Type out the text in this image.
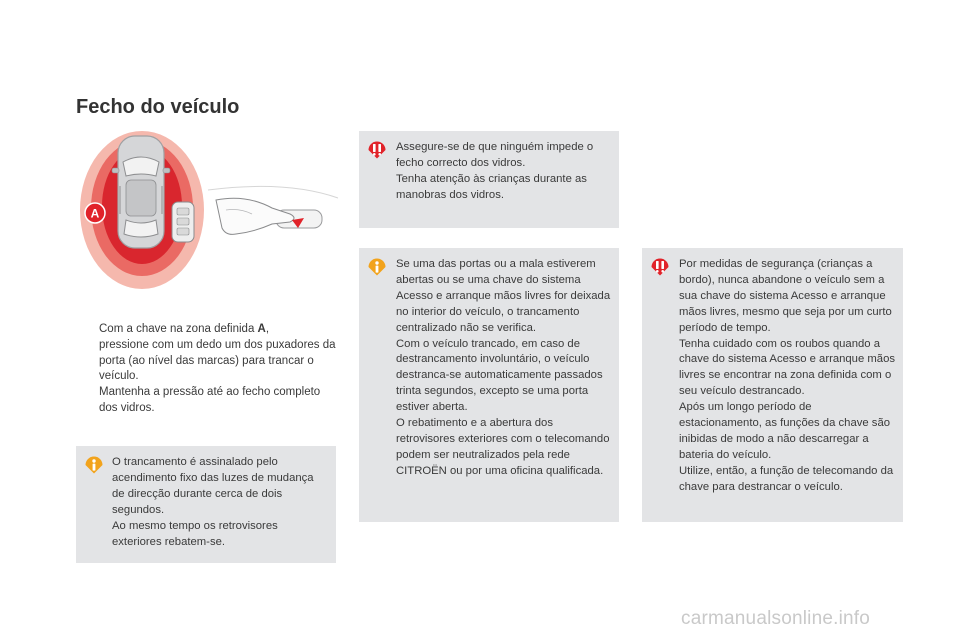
Fecho do veículo
A

Com a chave na zona definida A,

pressione com um dedo um dos puxadores da porta (ao nível das marcas) para trancar o veículo.

Mantenha a pressão até ao fecho completo dos vidros.

O trancamento é assinalado pelo acendimento fixo das luzes de mudança de direcção durante cerca de dois segundos.

Ao mesmo tempo os retrovisores exteriores rebatem-se.

Assegure-se de que ninguém impede o fecho correcto dos vidros.

Tenha atenção às crianças durante as manobras dos vidros.

Se uma das portas ou a mala estiverem abertas ou se uma chave do sistema Acesso e arranque mãos livres for deixada no interior do veículo, o trancamento centralizado não se verifica.

Com o veículo trancado, em caso de destrancamento involuntário, o veículo destranca-se automaticamente passados trinta segundos, excepto se uma porta estiver aberta.

O rebatimento e a abertura dos retrovisores exteriores com o telecomando podem ser neutralizados pela rede CITROËN ou por uma oficina qualificada.

Por medidas de segurança (crianças a bordo), nunca abandone o veículo sem a sua chave do sistema Acesso e arranque mãos livres, mesmo que seja por um curto período de tempo.

Tenha cuidado com os roubos quando a chave do sistema Acesso e arranque mãos livres se encontrar na zona definida com o seu veículo destrancado.

Após um longo período de estacionamento, as funções da chave são inibidas de modo a não descarregar a bateria do veículo.

Utilize, então, a função de telecomando da chave para destrancar o veículo.

carmanualsonline.info
